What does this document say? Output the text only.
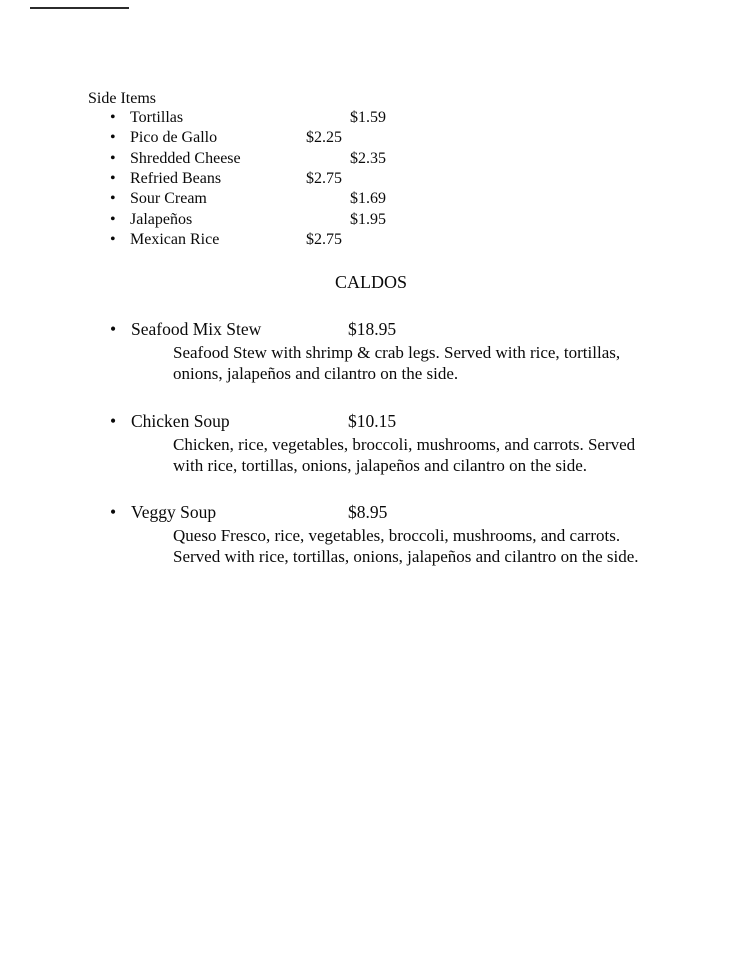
Side Items
• Tortillas	$1.59
• Pico de Gallo	$2.25
• Shredded Cheese	$2.35
• Refried Beans	$2.75
• Sour Cream	$1.69
• Jalapeños	$1.95
• Mexican Rice	$2.75
CALDOS
• Seafood Mix Stew	$18.95
Seafood Stew with shrimp & crab legs. Served with rice, tortillas, onions, jalapeños and cilantro on the side.
• Chicken Soup	$10.15
Chicken, rice, vegetables, broccoli, mushrooms, and carrots. Served with rice, tortillas, onions, jalapeños and cilantro on the side.
• Veggy Soup	$8.95
Queso Fresco, rice, vegetables, broccoli, mushrooms, and carrots. Served with rice, tortillas, onions, jalapeños and cilantro on the side.
